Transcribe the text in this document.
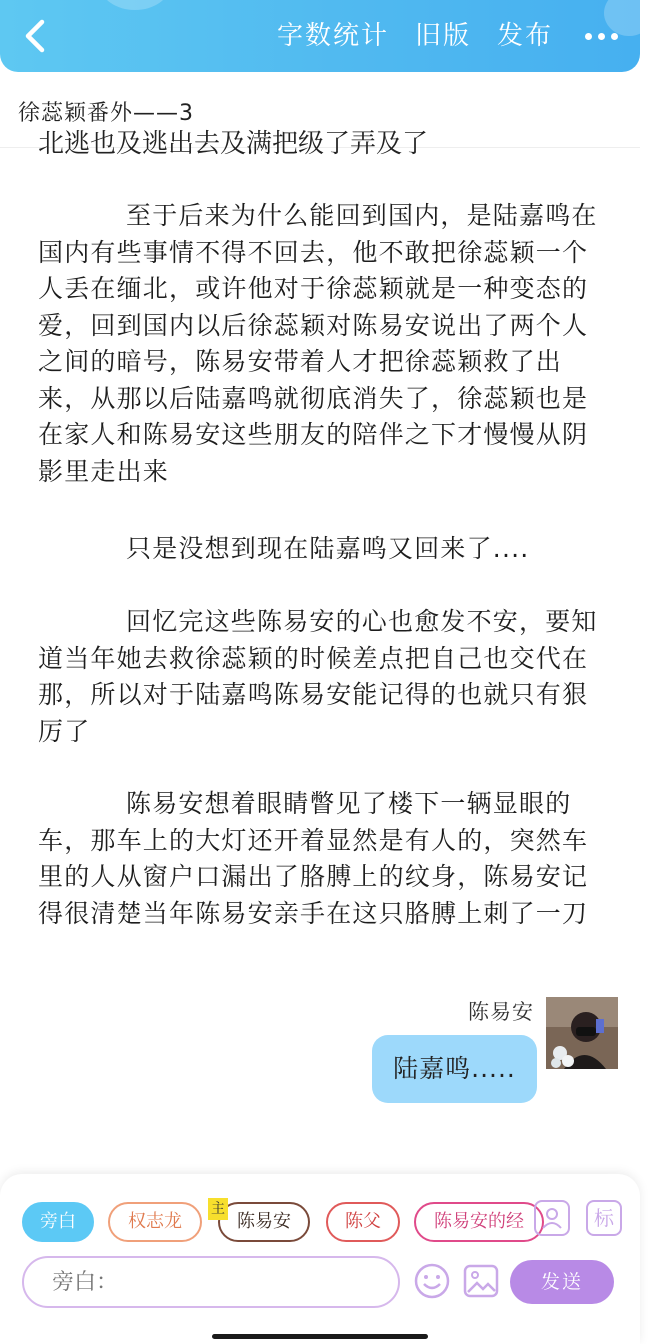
字数统计 旧版 发布
徐蕊颖番外——3
北逃也及逃出去及满把级了弄及了

至于后来为什么能回到国内，是陆嘉鸣在国内有些事情不得不回去，他不敢把徐蕊颖一个人丢在缅北，或许他对于徐蕊颖就是一种变态的爱，回到国内以后徐蕊颖对陈易安说出了两个人之间的暗号，陈易安带着人才把徐蕊颖救了出来，从那以后陆嘉鸣就彻底消失了，徐蕊颖也是在家人和陈易安这些朋友的陪伴之下才慢慢从阴影里走出来

只是没想到现在陆嘉鸣又回来了....

回忆完这些陈易安的心也愈发不安，要知道当年她去救徐蕊颖的时候差点把自己也交代在那，所以对于陆嘉鸣陈易安能记得的也就只有狠厉了

陈易安想着眼睛瞥见了楼下一辆显眼的车，那车上的大灯还开着显然是有人的，突然车里的人从窗户口漏出了胳膊上的纹身，陈易安记得很清楚当年陈易安亲手在这只胳膊上刺了一刀

陈易安
陆嘉鸣.....
旁白	权志龙	陈易安	陈父	陈易安的经
主	标
旁白：
发送
